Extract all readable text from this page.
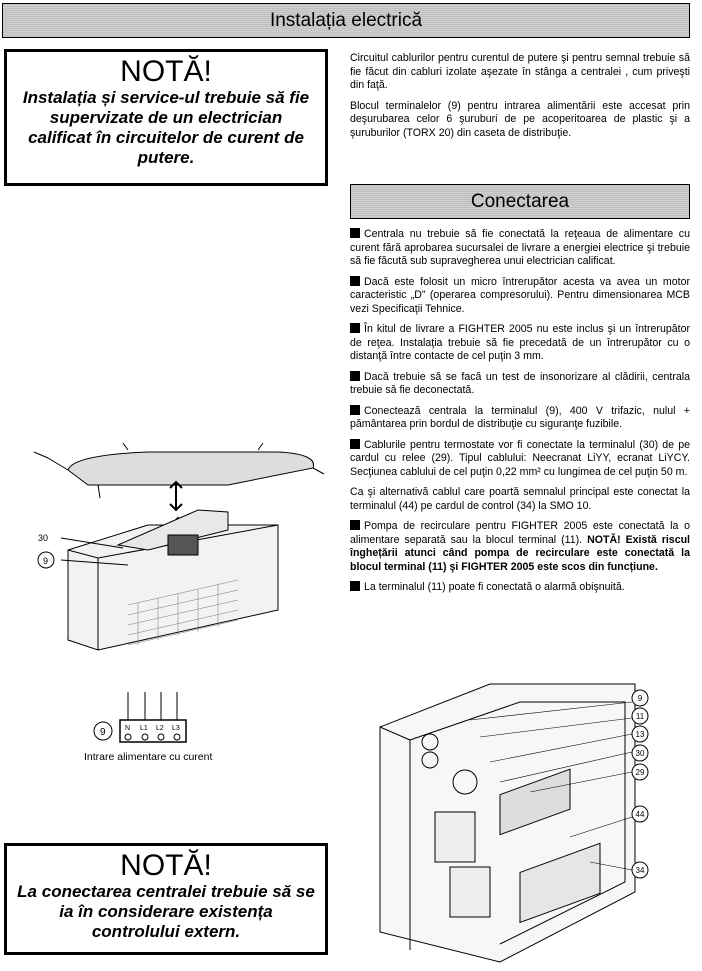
Instalația electrică
NOTĂ!
Instalația și service-ul trebuie să fie supervizate de un electrician calificat în circuitelor de curent de putere.

Circuitul cablurilor pentru curentul de putere şi pentru semnal trebuie să fie făcut din cabluri izolate aşezate în stânga a centralei , cum priveşti din faţă.

Blocul terminalelor (9) pentru intrarea alimentării este accesat prin deşurubarea celor 6 şuruburi de pe acoperitoarea de plastic şi a şuruburilor (TORX 20) din caseta de distribuţie.

Conectarea

Centrala nu trebuie să fie conectată la reţeaua de alimentare cu curent fără aprobarea sucursalei de livrare a energiei electrice şi trebuie să fie făcută sub supravegherea unui electrician calificat.

Dacă este folosit un micro întrerupător acesta va avea un motor caracteristic „D" (operarea compresorului). Pentru dimensionarea MCB vezi Specificaţii Tehnice.

În kitul de livrare a FIGHTER 2005 nu este inclus şi un întrerupător de reţea. Instalaţia trebuie să fie precedată de un întrerupător cu o distanţă între contacte de cel puţin 3 mm.

Dacă trebuie să se facă un test de insonorizare al clădirii, centrala trebuie să fie deconectată.

Conectează centrala la terminalul (9), 400 V trifazic, nulul + pământarea prin bordul de distribuţie cu siguranţe fuzibile.

Cablurile pentru termostate vor fi conectate la terminalul (30) de pe cardul cu relee (29). Tipul cablului: Neecranat LiYY, ecranat LiYCY. Secţiunea cablului de cel puţin 0,22 mm² cu lungimea de cel puţin 50 m.

Ca şi alternativă cablul care poartă semnalul principal este conectat la terminalul (44) pe cardul de control (34) la SMO 10.

Pompa de recirculare pentru FIGHTER 2005 este conectată la o alimentare separată sau la blocul terminal (11). NOTĂ! Există riscul înghețării atunci când pompa de recirculare este conectată la blocul terminal (11) şi FIGHTER 2005 este scos din funcțiune.

La terminalul (11) poate fi conectată o alarmă obişnuită.

30
9
9	N L1 L2 L3
Intrare alimentare cu curent
9
11
13
30
29
44
34
NOTĂ!
La conectarea centralei trebuie să se ia în considerare existența controlului extern.
